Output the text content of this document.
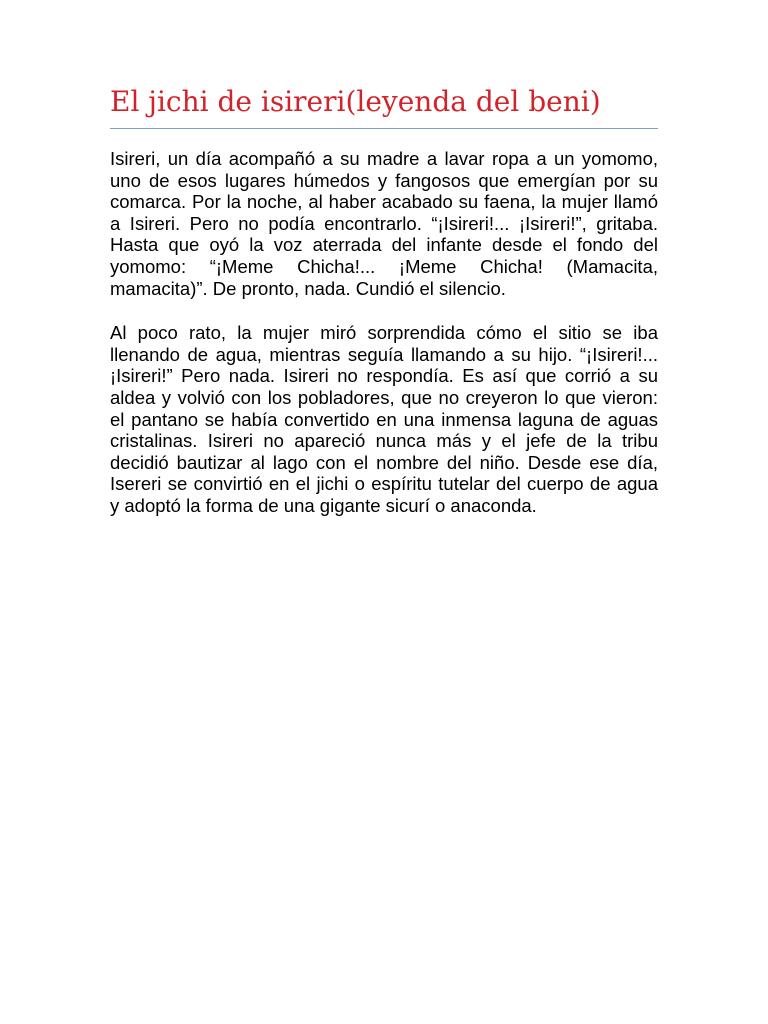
El jichi de isireri(leyenda del beni)

Isireri, un día acompañó a su madre a lavar ropa a un yomomo, uno de esos lugares húmedos y fangosos que emergían por su comarca. Por la noche, al haber acabado su faena, la mujer llamó a Isireri. Pero no podía encontrarlo. “¡Isireri!... ¡Isireri!”, gritaba. Hasta que oyó la voz aterrada del infante desde el fondo del yomomo: “¡Meme Chicha!... ¡Meme Chicha! (Mamacita, mamacita)”. De pronto, nada. Cundió el silencio.

Al poco rato, la mujer miró sorprendida cómo el sitio se iba llenando de agua, mientras seguía llamando a su hijo. “¡Isireri!... ¡Isireri!” Pero nada. Isireri no respondía. Es así que corrió a su aldea y volvió con los pobladores, que no creyeron lo que vieron: el pantano se había convertido en una inmensa laguna de aguas cristalinas. Isireri no apareció nunca más y el jefe de la tribu decidió bautizar al lago con el nombre del niño. Desde ese día, Isereri se convirtió en el jichi o espíritu tutelar del cuerpo de agua y adoptó la forma de una gigante sicurí o anaconda.
